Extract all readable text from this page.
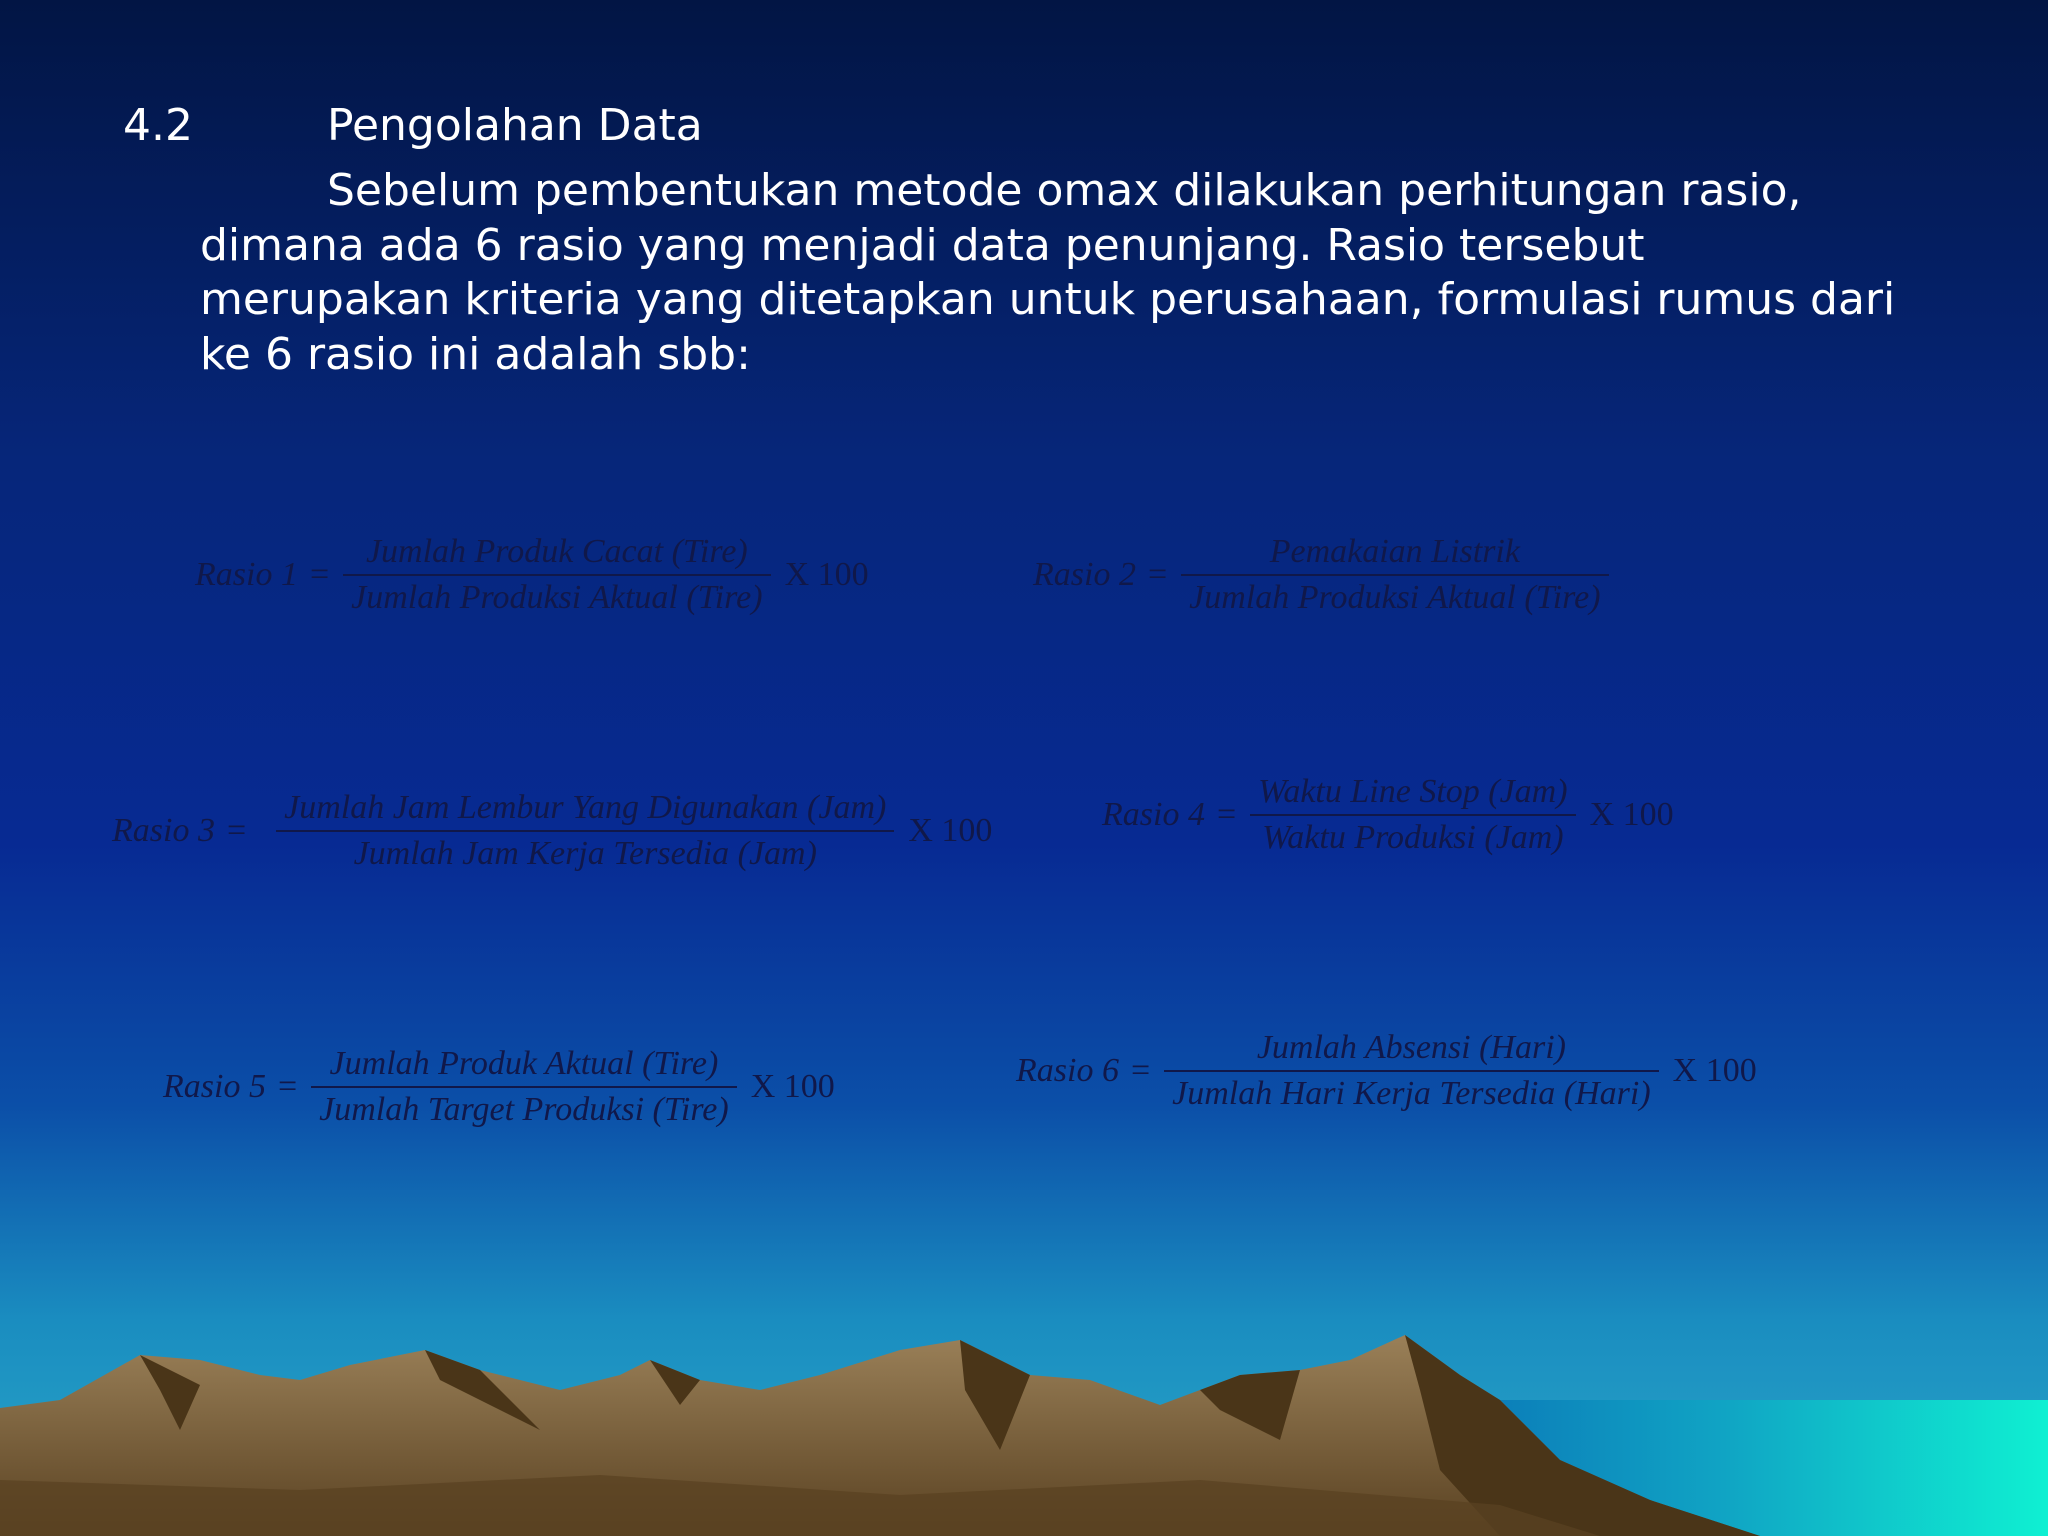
4.2	Pengolahan Data

Sebelum pembentukan metode omax dilakukan perhitungan rasio,
dimana ada 6 rasio yang menjadi data penunjang. Rasio tersebut merupakan kriteria yang ditetapkan untuk perusahaan, formulasi rumus dari ke 6 rasio ini adalah sbb:

Rasio $1 = \frac{\text{Jumlah Produk Cacat (Tire)}}{\text{Jumlah Produksi Aktual (Tire)}}$ X 100	Rasio $2 = \frac{\text{Pemakaian Listrik}}{\text{Jumlah Produksi Aktual (Tire)}}$
Rasio $3 = \frac{\text{Jumlah Jam Lembur Yang Digunakan (Jam)}}{\text{Jumlah Jam Kerja Tersedia (Jam)}}$ X 100	Rasio $4 = \frac{\text{Waktu Line Stop (Jam)}}{\text{Waktu Produksi (Jam)}}$ X 100
Rasio $5 = \frac{\text{Jumlah Produk Aktual (Tire)}}{\text{Jumlah Target Produksi (Tire)}}$ X 100	Rasio $6 = \frac{\text{Jumlah Absensi (Hari)}}{\text{Jumlah Hari Kerja Tersedia (Hari)}}$ X 100
